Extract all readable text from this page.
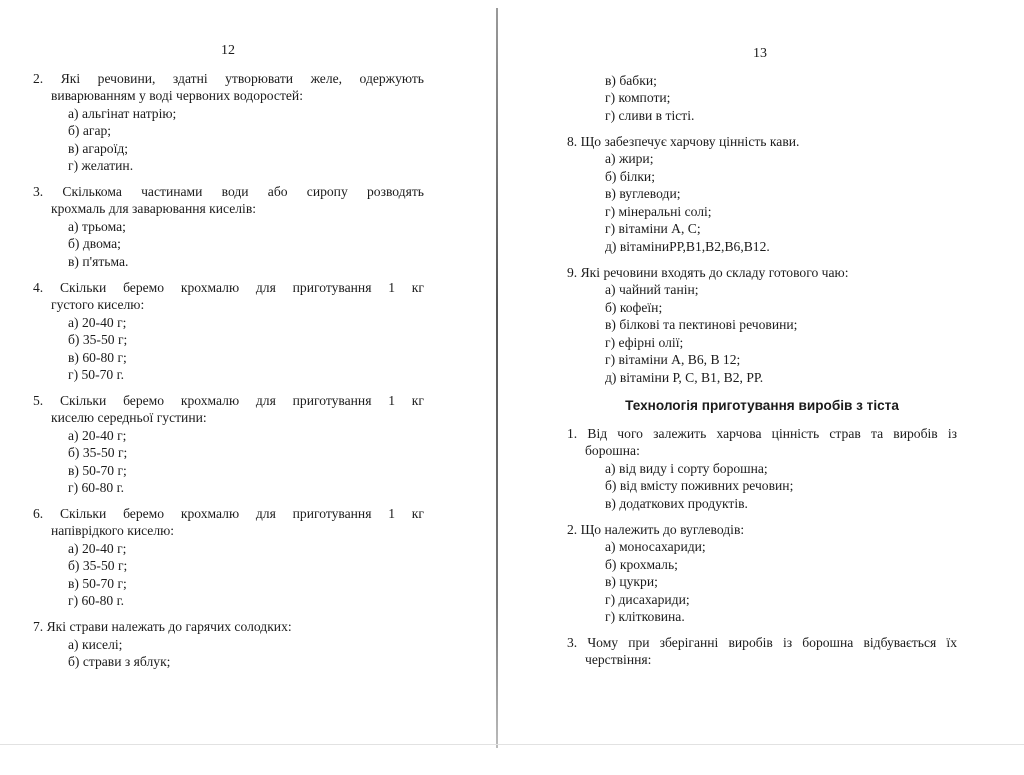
12
2. Які речовини, здатні утворювати желе, одержують
виварюванням у воді червоних водоростей:
а) альгінат натрію;
б) агар;
в) агароїд;
г) желатин.
3. Скількома частинами води або сиропу розводять
крохмаль для заварювання киселів:
а) трьома;
б) двома;
в) п'ятьма.
4. Скільки беремо крохмалю для приготування 1 кг
густого киселю:
а) 20-40 г;
б) 35-50 г;
в) 60-80 г;
г) 50-70 г.
5. Скільки беремо крохмалю для приготування 1 кг
киселю середньої густини:
а) 20-40 г;
б) 35-50 г;
в) 50-70 г;
г) 60-80 г.
6. Скільки беремо крохмалю для приготування 1 кг
напіврідкого киселю:
а) 20-40 г;
б) 35-50 г;
в) 50-70 г;
г) 60-80 г.
7. Які страви належать до гарячих солодких:
а) киселі;
б) страви з яблук;
13
Технологія приготування виробів з тіста
в) бабки;
г) компоти;
г) сливи в тісті.
8. Що забезпечує харчову цінність кави.
а) жири;
б) білки;
в) вуглеводи;
г) мінеральні солі;
г) вітаміни А, С;
д) вітаміниРР,В1,В2,В6,В12.
9. Які речовини входять до складу готового чаю:
а) чайний танін;
б) кофеїн;
в) білкові та пектинові речовини;
г) ефірні олії;
г) вітаміни А, В6, В 12;
д) вітаміни Р, С, В1, В2, РР.
1. Від чого залежить харчова цінність страв та виробів із
борошна:
а) від виду і сорту борошна;
б) від вмісту поживних речовин;
в) додаткових продуктів.
2. Що належить до вуглеводів:
а) моносахариди;
б) крохмаль;
в) цукри;
г) дисахариди;
г) клітковина.
3. Чому при зберіганні виробів із борошна відбувається їх
черствіння:
